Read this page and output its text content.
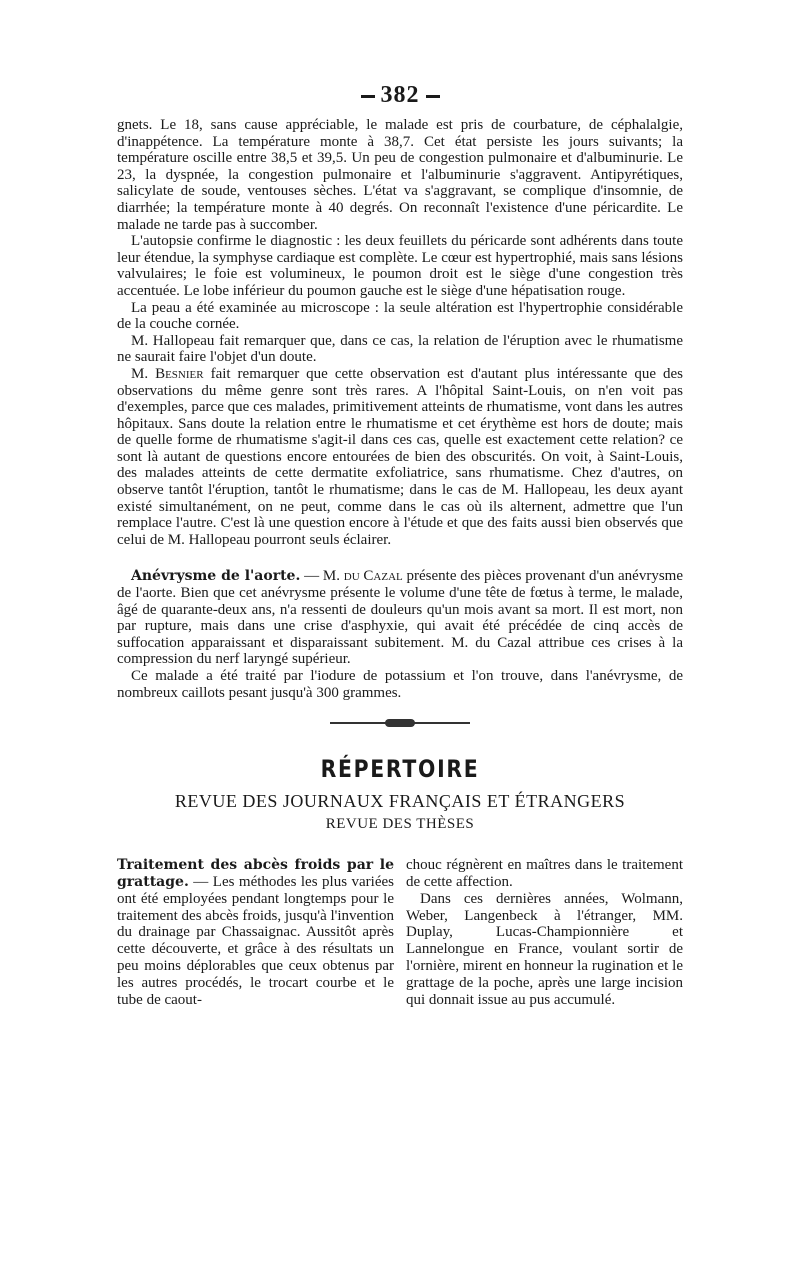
382

gnets. Le 18, sans cause appréciable, le malade est pris de courbature, de céphalalgie, d'inappétence. La température monte à 38,7. Cet état persiste les jours suivants; la température oscille entre 38,5 et 39,5. Un peu de congestion pulmonaire et d'albuminurie. Le 23, la dyspnée, la congestion pulmonaire et l'albuminurie s'aggravent. Antipyrétiques, salicylate de soude, ventouses sèches. L'état va s'aggravant, se complique d'insomnie, de diarrhée; la température monte à 40 degrés. On reconnaît l'existence d'une péricardite. Le malade ne tarde pas à succomber.

L'autopsie confirme le diagnostic : les deux feuillets du péricarde sont adhérents dans toute leur étendue, la symphyse cardiaque est complète. Le cœur est hypertrophié, mais sans lésions valvulaires; le foie est volumineux, le poumon droit est le siège d'une congestion très accentuée. Le lobe inférieur du poumon gauche est le siège d'une hépatisation rouge.

La peau a été examinée au microscope : la seule altération est l'hypertrophie considérable de la couche cornée.

M. Hallopeau fait remarquer que, dans ce cas, la relation de l'éruption avec le rhumatisme ne saurait faire l'objet d'un doute.

M. Besnier fait remarquer que cette observation est d'autant plus intéressante que des observations du même genre sont très rares. A l'hôpital Saint-Louis, on n'en voit pas d'exemples, parce que ces malades, primitivement atteints de rhumatisme, vont dans les autres hôpitaux. Sans doute la relation entre le rhumatisme et cet érythème est hors de doute; mais de quelle forme de rhumatisme s'agit-il dans ces cas, quelle est exactement cette relation? ce sont là autant de questions encore entourées de bien des obscurités. On voit, à Saint-Louis, des malades atteints de cette dermatite exfoliatrice, sans rhumatisme. Chez d'autres, on observe tantôt l'éruption, tantôt le rhumatisme; dans le cas de M. Hallopeau, les deux ayant existé simultanément, on ne peut, comme dans le cas où ils alternent, admettre que l'un remplace l'autre. C'est là une question encore à l'étude et que des faits aussi bien observés que celui de M. Hallopeau pourront seuls éclairer.

Anévrysme de l'aorte. — M. du Cazal présente des pièces provenant d'un anévrysme de l'aorte. Bien que cet anévrysme présente le volume d'une tête de fœtus à terme, le malade, âgé de quarante-deux ans, n'a ressenti de douleurs qu'un mois avant sa mort. Il est mort, non par rupture, mais dans une crise d'asphyxie, qui avait été précédée de cinq accès de suffocation apparaissant et disparaissant subitement. M. du Cazal attribue ces crises à la compression du nerf laryngé supérieur.

Ce malade a été traité par l'iodure de potassium et l'on trouve, dans l'anévrysme, de nombreux caillots pesant jusqu'à 300 grammes.

RÉPERTOIRE
REVUE DES JOURNAUX FRANÇAIS ET ÉTRANGERS
REVUE DES THÈSES

Traitement des abcès froids par le grattage. — Les méthodes les plus variées ont été employées pendant longtemps pour le traitement des abcès froids, jusqu'à l'invention du drainage par Chassaignac. Aussitôt après cette découverte, et grâce à des résultats un peu moins déplorables que ceux obtenus par les autres procédés, le trocart courbe et le tube de caout-

chouc régnèrent en maîtres dans le traitement de cette affection.

Dans ces dernières années, Wolmann, Weber, Langenbeck à l'étranger, MM. Duplay, Lucas-Championnière et Lannelongue en France, voulant sortir de l'ornière, mirent en honneur la rugination et le grattage de la poche, après une large incision qui donnait issue au pus accumulé.
